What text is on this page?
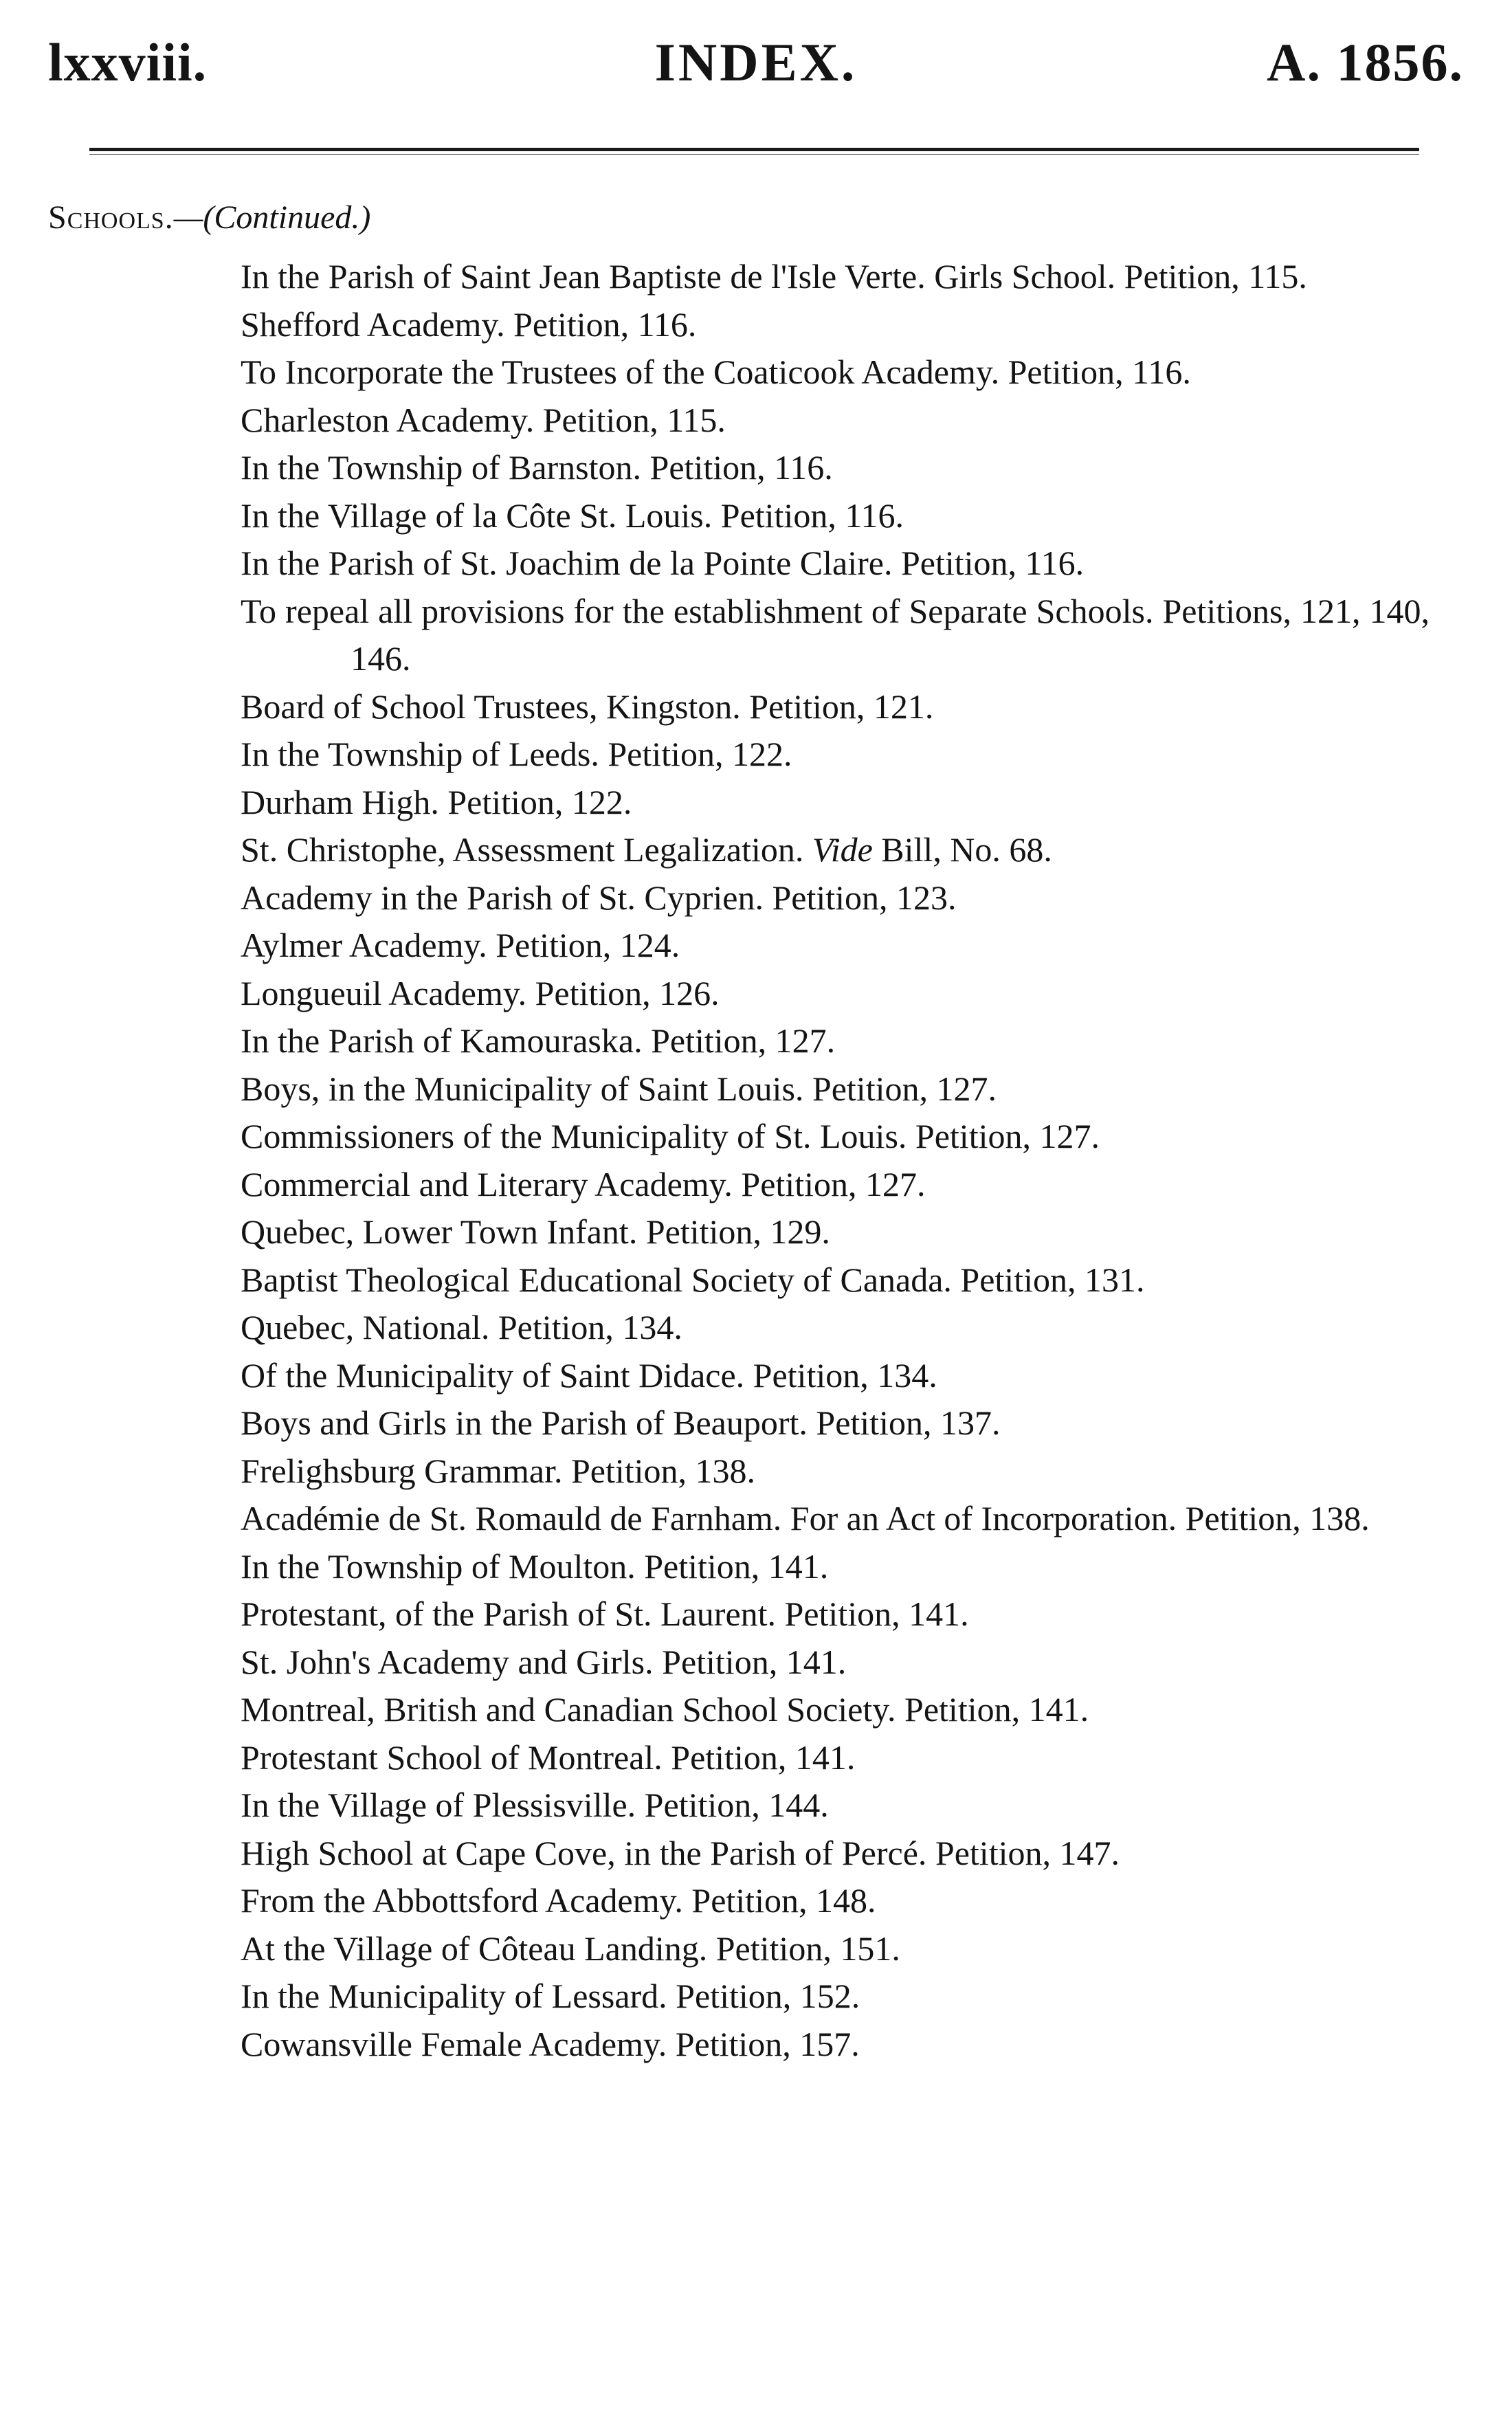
lxxviii.	INDEX.	A. 1856.
Schools.—(Continued.)
In the Parish of Saint Jean Baptiste de l'Isle Verte. Girls School. Petition, 115.
Shefford Academy. Petition, 116.
To Incorporate the Trustees of the Coaticook Academy. Petition, 116.
Charleston Academy. Petition, 115.
In the Township of Barnston. Petition, 116.
In the Village of la Côte St. Louis. Petition, 116.
In the Parish of St. Joachim de la Pointe Claire. Petition, 116.
To repeal all provisions for the establishment of Separate Schools. Petitions, 121, 140, 146.
Board of School Trustees, Kingston. Petition, 121.
In the Township of Leeds. Petition, 122.
Durham High. Petition, 122.
St. Christophe, Assessment Legalization. Vide Bill, No. 68.
Academy in the Parish of St. Cyprien. Petition, 123.
Aylmer Academy. Petition, 124.
Longueuil Academy. Petition, 126.
In the Parish of Kamouraska. Petition, 127.
Boys, in the Municipality of Saint Louis. Petition, 127.
Commissioners of the Municipality of St. Louis. Petition, 127.
Commercial and Literary Academy. Petition, 127.
Quebec, Lower Town Infant. Petition, 129.
Baptist Theological Educational Society of Canada. Petition, 131.
Quebec, National. Petition, 134.
Of the Municipality of Saint Didace. Petition, 134.
Boys and Girls in the Parish of Beauport. Petition, 137.
Frelighsburg Grammar. Petition, 138.
Académie de St. Romauld de Farnham. For an Act of Incorporation. Petition, 138.
In the Township of Moulton. Petition, 141.
Protestant, of the Parish of St. Laurent. Petition, 141.
St. John's Academy and Girls. Petition, 141.
Montreal, British and Canadian School Society. Petition, 141.
Protestant School of Montreal. Petition, 141.
In the Village of Plessisville. Petition, 144.
High School at Cape Cove, in the Parish of Percé. Petition, 147.
From the Abbottsford Academy. Petition, 148.
At the Village of Côteau Landing. Petition, 151.
In the Municipality of Lessard. Petition, 152.
Cowansville Female Academy. Petition, 157.
